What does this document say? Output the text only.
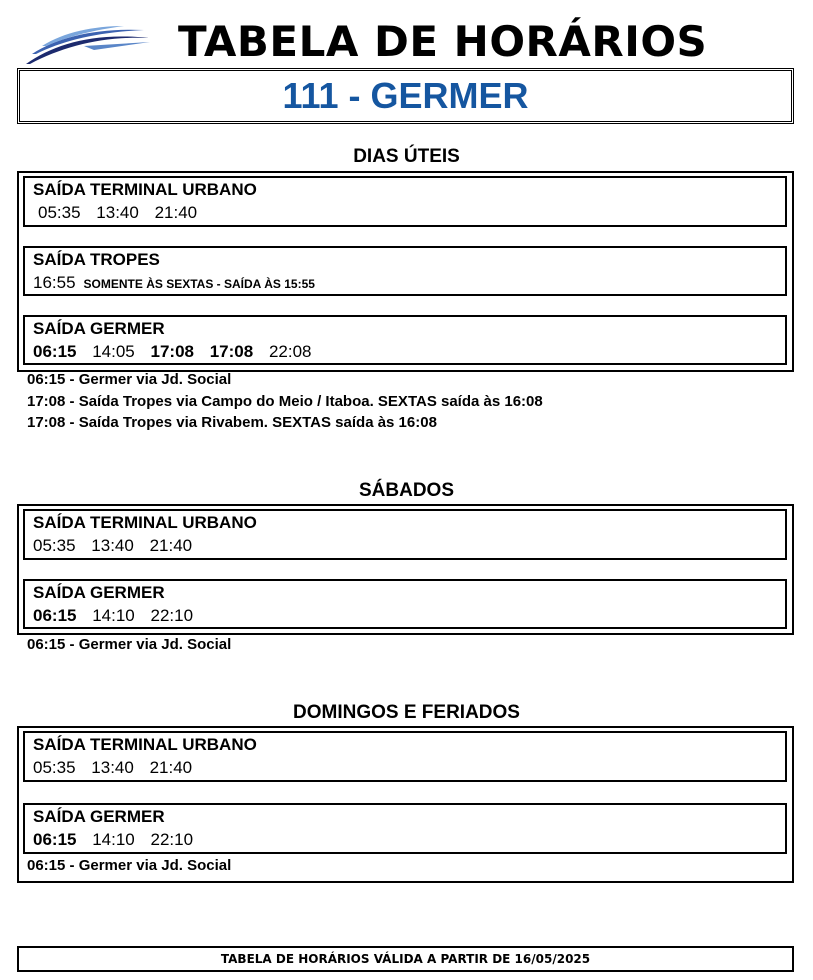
TABELA DE HORÁRIOS
111 - GERMER
DIAS ÚTEIS
SAÍDA TERMINAL URBANO
05:35 13:40 21:40
SAÍDA TROPES
16:55 SOMENTE ÀS SEXTAS - SAÍDA ÀS 15:55
SAÍDA GERMER
06:15 14:05 17:08 17:08 22:08
06:15 - Germer via Jd. Social
17:08 - Saída Tropes via Campo do Meio / Itaboa. SEXTAS saída às 16:08
17:08 - Saída Tropes via Rivabem. SEXTAS saída às 16:08
SÁBADOS
SAÍDA TERMINAL URBANO
05:35 13:40 21:40
SAÍDA GERMER
06:15 14:10 22:10
06:15 - Germer via Jd. Social
DOMINGOS E FERIADOS
SAÍDA TERMINAL URBANO
05:35 13:40 21:40
SAÍDA GERMER
06:15 14:10 22:10
06:15 - Germer via Jd. Social
TABELA DE HORÁRIOS VÁLIDA A PARTIR DE 16/05/2025
